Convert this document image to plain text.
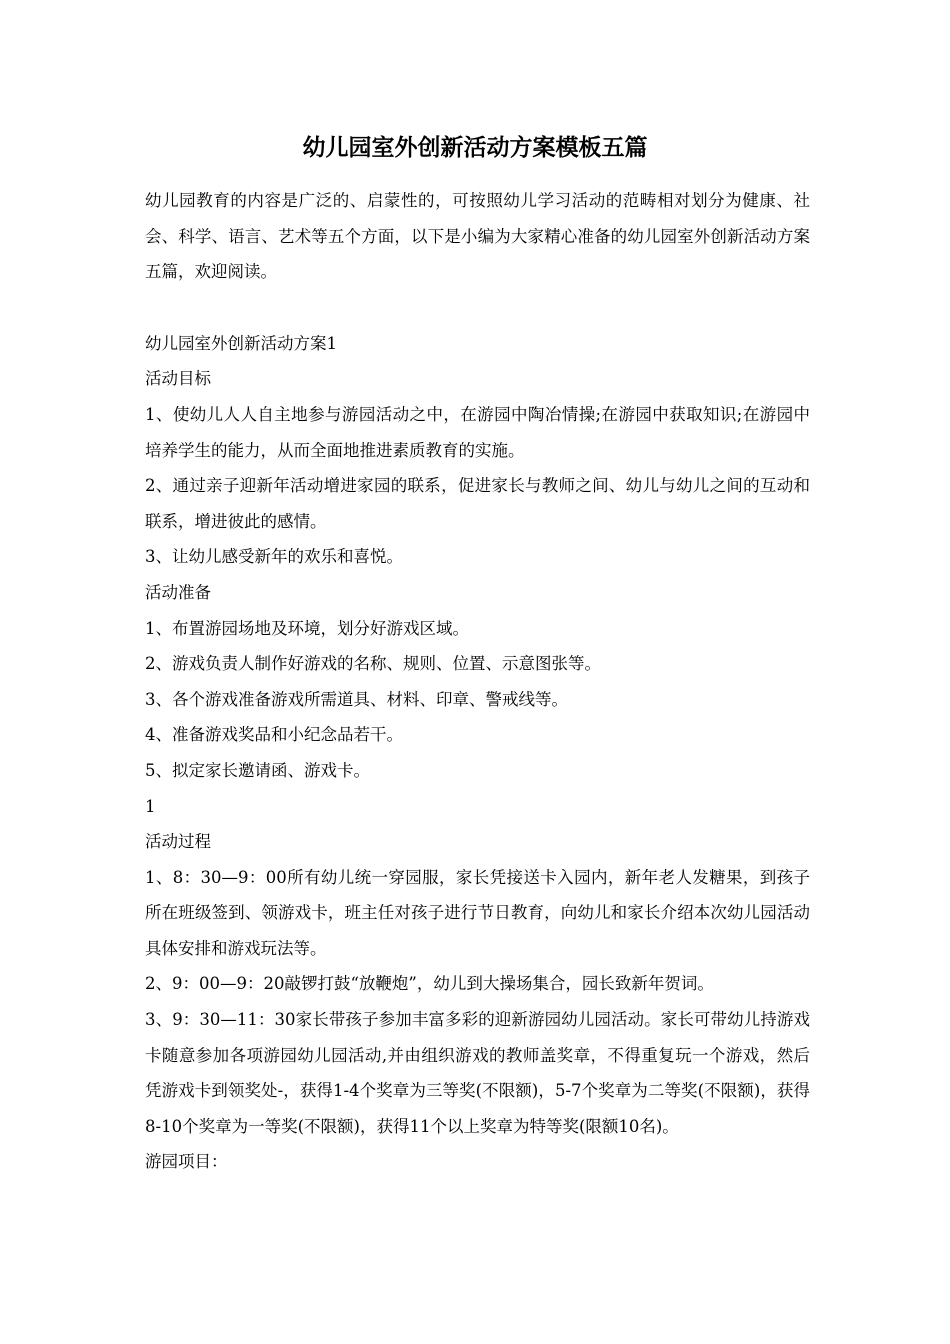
幼儿园室外创新活动方案模板五篇

幼儿园教育的内容是广泛的、启蒙性的，可按照幼儿学习活动的范畴相对划分为健康、社会、科学、语言、艺术等五个方面，以下是小编为大家精心准备的幼儿园室外创新活动方案五篇，欢迎阅读。

幼儿园室外创新活动方案1

活动目标

1、使幼儿人人自主地参与游园活动之中，在游园中陶冶情操;在游园中获取知识;在游园中培养学生的能力，从而全面地推进素质教育的实施。

2、通过亲子迎新年活动增进家园的联系，促进家长与教师之间、幼儿与幼儿之间的互动和联系，增进彼此的感情。

3、让幼儿感受新年的欢乐和喜悦。

活动准备

1、布置游园场地及环境，划分好游戏区域。

2、游戏负责人制作好游戏的名称、规则、位置、示意图张等。

3、各个游戏准备游戏所需道具、材料、印章、警戒线等。

4、准备游戏奖品和小纪念品若干。

5、拟定家长邀请函、游戏卡。

1

活动过程

1、8：30—9：00所有幼儿统一穿园服，家长凭接送卡入园内，新年老人发糖果，到孩子所在班级签到、领游戏卡，班主任对孩子进行节日教育，向幼儿和家长介绍本次幼儿园活动具体安排和游戏玩法等。

2、9：00—9：20敲锣打鼓“放鞭炮”，幼儿到大操场集合，园长致新年贺词。

3、9：30—11：30家长带孩子参加丰富多彩的迎新游园幼儿园活动。家长可带幼儿持游戏卡随意参加各项游园幼儿园活动,并由组织游戏的教师盖奖章，不得重复玩一个游戏，然后凭游戏卡到领奖处-，获得1-4个奖章为三等奖(不限额)，5-7个奖章为二等奖(不限额)，获得8-10个奖章为一等奖(不限额)，获得11个以上奖章为特等奖(限额10名)。

游园项目：
